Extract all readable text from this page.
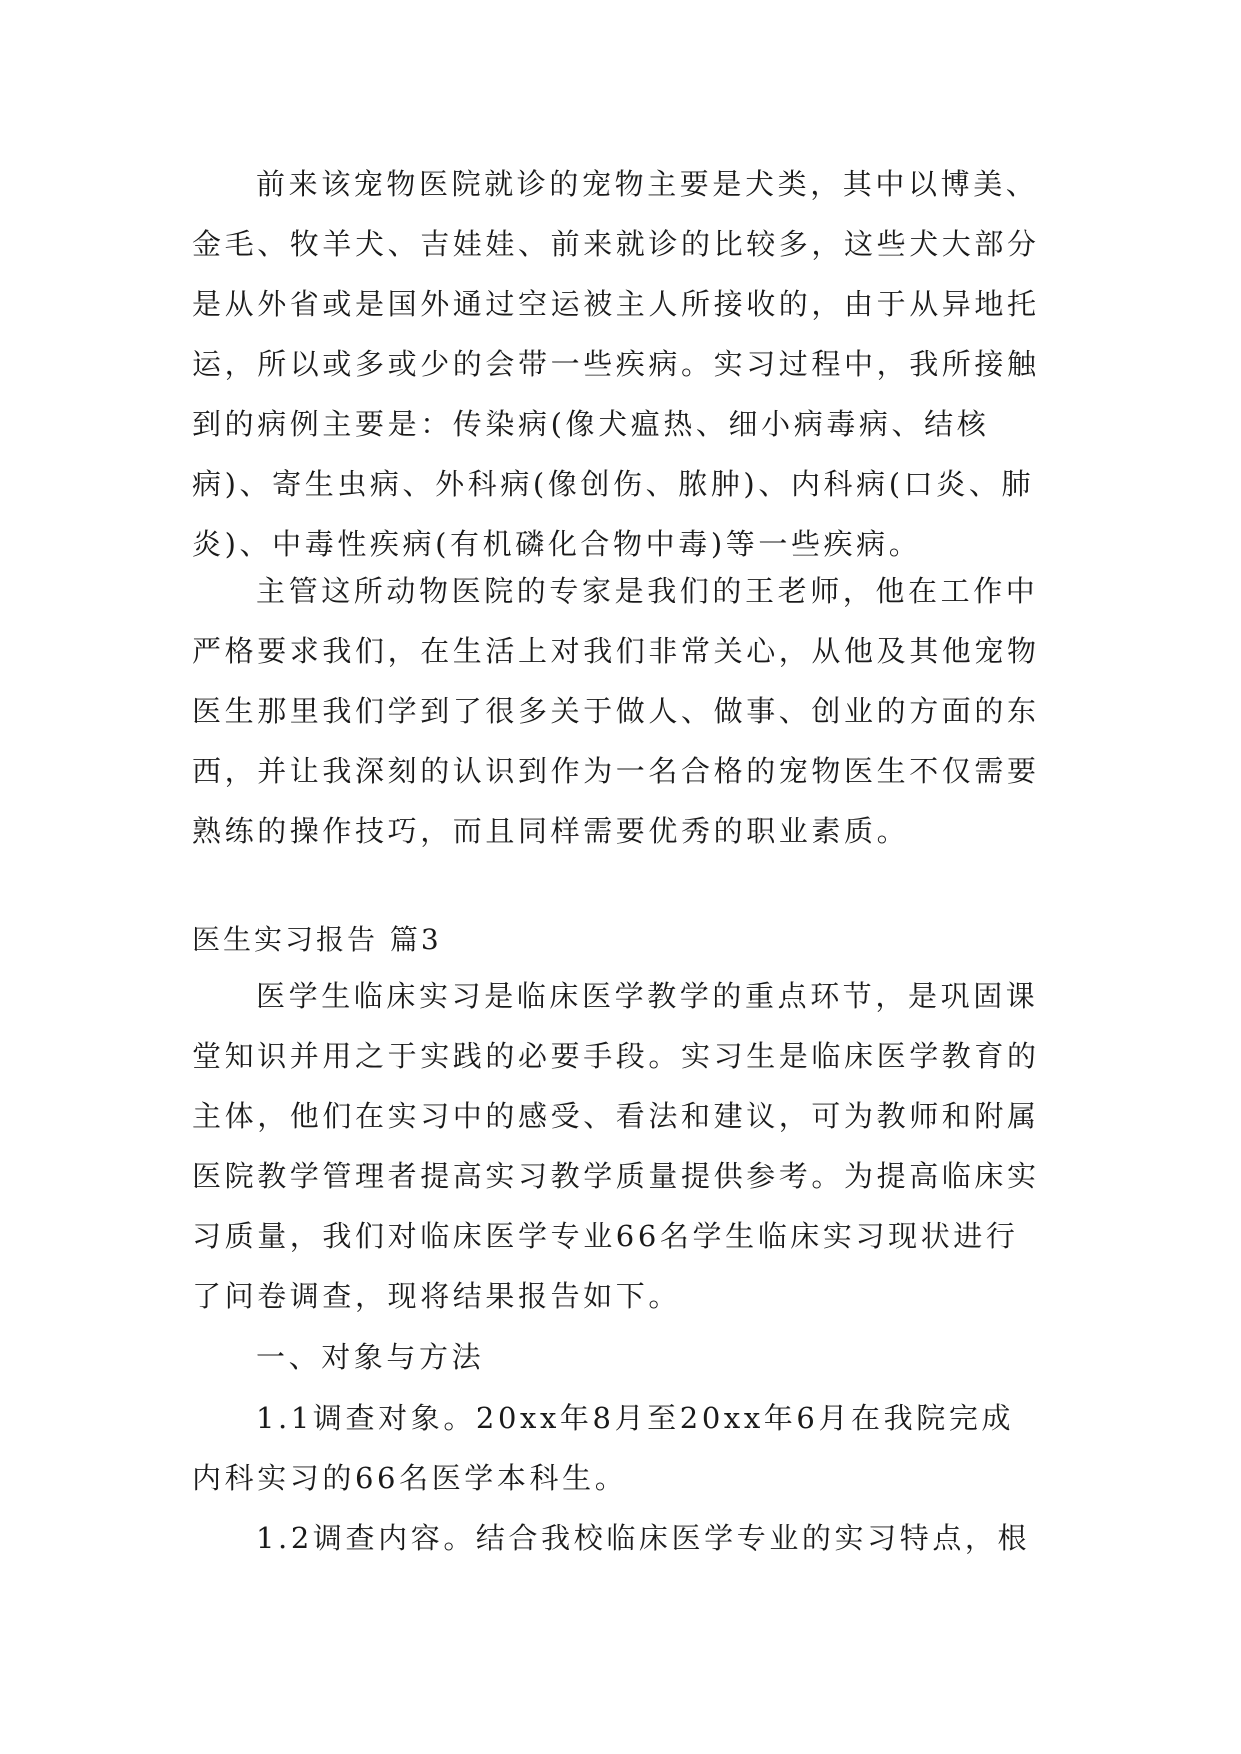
前来该宠物医院就诊的宠物主要是犬类，其中以博美、
金毛、牧羊犬、吉娃娃、前来就诊的比较多，这些犬大部分
是从外省或是国外通过空运被主人所接收的，由于从异地托
运，所以或多或少的会带一些疾病。实习过程中，我所接触
到的病例主要是：传染病(像犬瘟热、细小病毒病、结核
病)、寄生虫病、外科病(像创伤、脓肿)、内科病(口炎、肺
炎)、中毒性疾病(有机磷化合物中毒)等一些疾病。
主管这所动物医院的专家是我们的王老师，他在工作中
严格要求我们，在生活上对我们非常关心，从他及其他宠物
医生那里我们学到了很多关于做人、做事、创业的方面的东
西，并让我深刻的认识到作为一名合格的宠物医生不仅需要
熟练的操作技巧，而且同样需要优秀的职业素质。
医生实习报告 篇3
医学生临床实习是临床医学教学的重点环节，是巩固课
堂知识并用之于实践的必要手段。实习生是临床医学教育的
主体，他们在实习中的感受、看法和建议，可为教师和附属
医院教学管理者提高实习教学质量提供参考。为提高临床实
习质量，我们对临床医学专业66名学生临床实习现状进行
了问卷调查，现将结果报告如下。
一、对象与方法
1.1调查对象。20xx年8月至20xx年6月在我院完成
内科实习的66名医学本科生。
1.2调查内容。结合我校临床医学专业的实习特点，根
